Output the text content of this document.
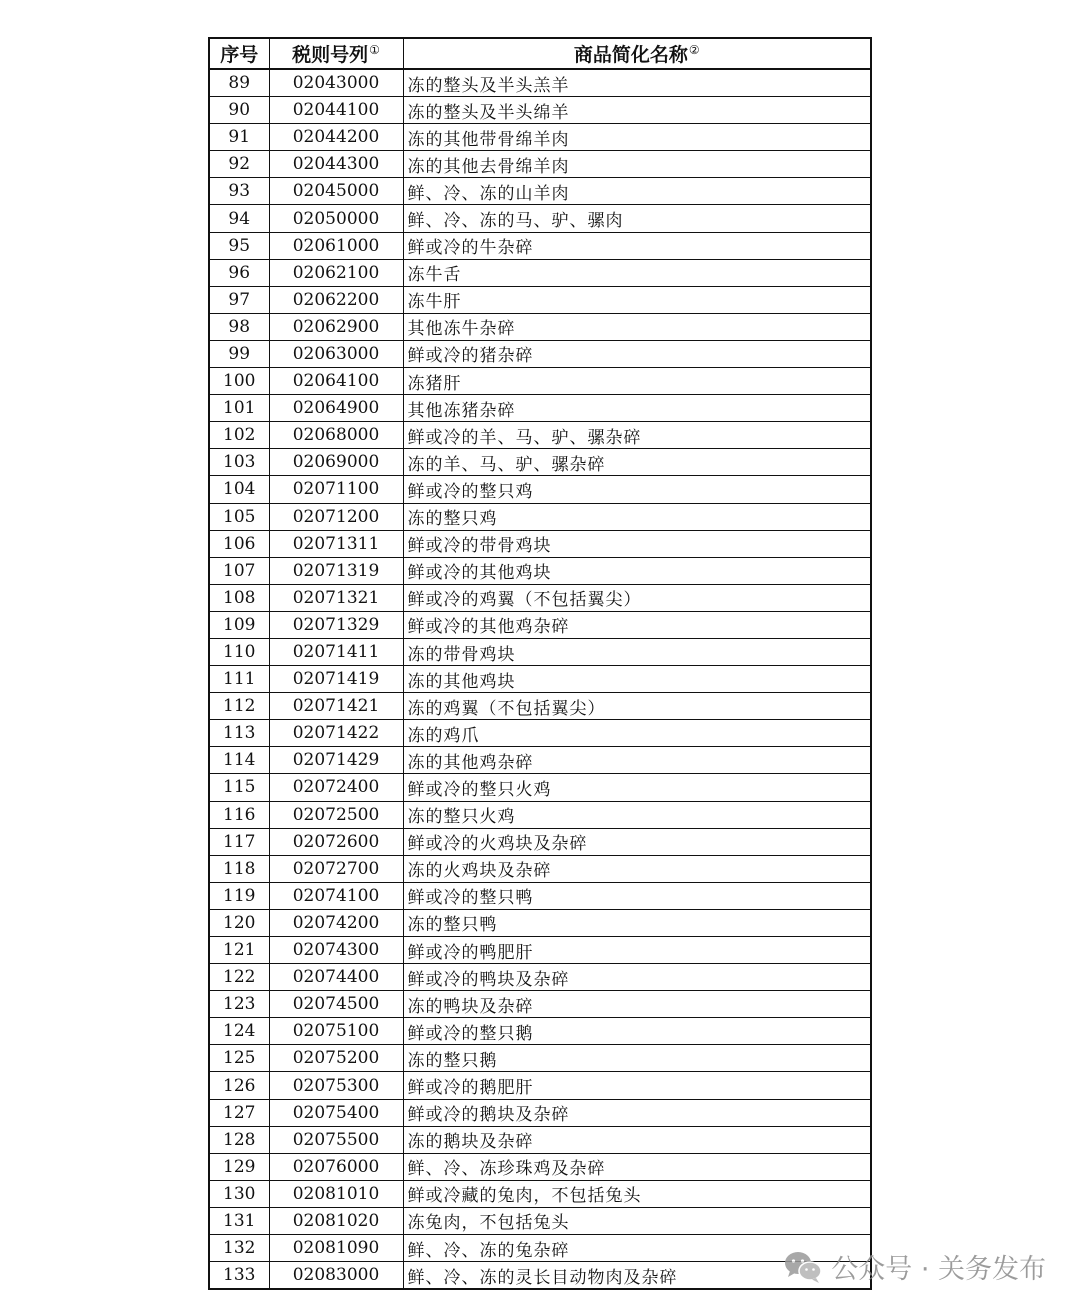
序号	税则号列①	商品简化名称②
89	02043000	冻的整头及半头羔羊
90	02044100	冻的整头及半头绵羊
91	02044200	冻的其他带骨绵羊肉
92	02044300	冻的其他去骨绵羊肉
93	02045000	鲜、冷、冻的山羊肉
94	02050000	鲜、冷、冻的马、驴、骡肉
95	02061000	鲜或冷的牛杂碎
96	02062100	冻牛舌
97	02062200	冻牛肝
98	02062900	其他冻牛杂碎
99	02063000	鲜或冷的猪杂碎
100	02064100	冻猪肝
101	02064900	其他冻猪杂碎
102	02068000	鲜或冷的羊、马、驴、骡杂碎
103	02069000	冻的羊、马、驴、骡杂碎
104	02071100	鲜或冷的整只鸡
105	02071200	冻的整只鸡
106	02071311	鲜或冷的带骨鸡块
107	02071319	鲜或冷的其他鸡块
108	02071321	鲜或冷的鸡翼（不包括翼尖）
109	02071329	鲜或冷的其他鸡杂碎
110	02071411	冻的带骨鸡块
111	02071419	冻的其他鸡块
112	02071421	冻的鸡翼（不包括翼尖）
113	02071422	冻的鸡爪
114	02071429	冻的其他鸡杂碎
115	02072400	鲜或冷的整只火鸡
116	02072500	冻的整只火鸡
117	02072600	鲜或冷的火鸡块及杂碎
118	02072700	冻的火鸡块及杂碎
119	02074100	鲜或冷的整只鸭
120	02074200	冻的整只鸭
121	02074300	鲜或冷的鸭肥肝
122	02074400	鲜或冷的鸭块及杂碎
123	02074500	冻的鸭块及杂碎
124	02075100	鲜或冷的整只鹅
125	02075200	冻的整只鹅
126	02075300	鲜或冷的鹅肥肝
127	02075400	鲜或冷的鹅块及杂碎
128	02075500	冻的鹅块及杂碎
129	02076000	鲜、冷、冻珍珠鸡及杂碎
130	02081010	鲜或冷藏的兔肉，不包括兔头
131	02081020	冻兔肉，不包括兔头
132	02081090	鲜、冷、冻的兔杂碎
133	02083000	鲜、冷、冻的灵长目动物肉及杂碎	公众号 · 关务发布
